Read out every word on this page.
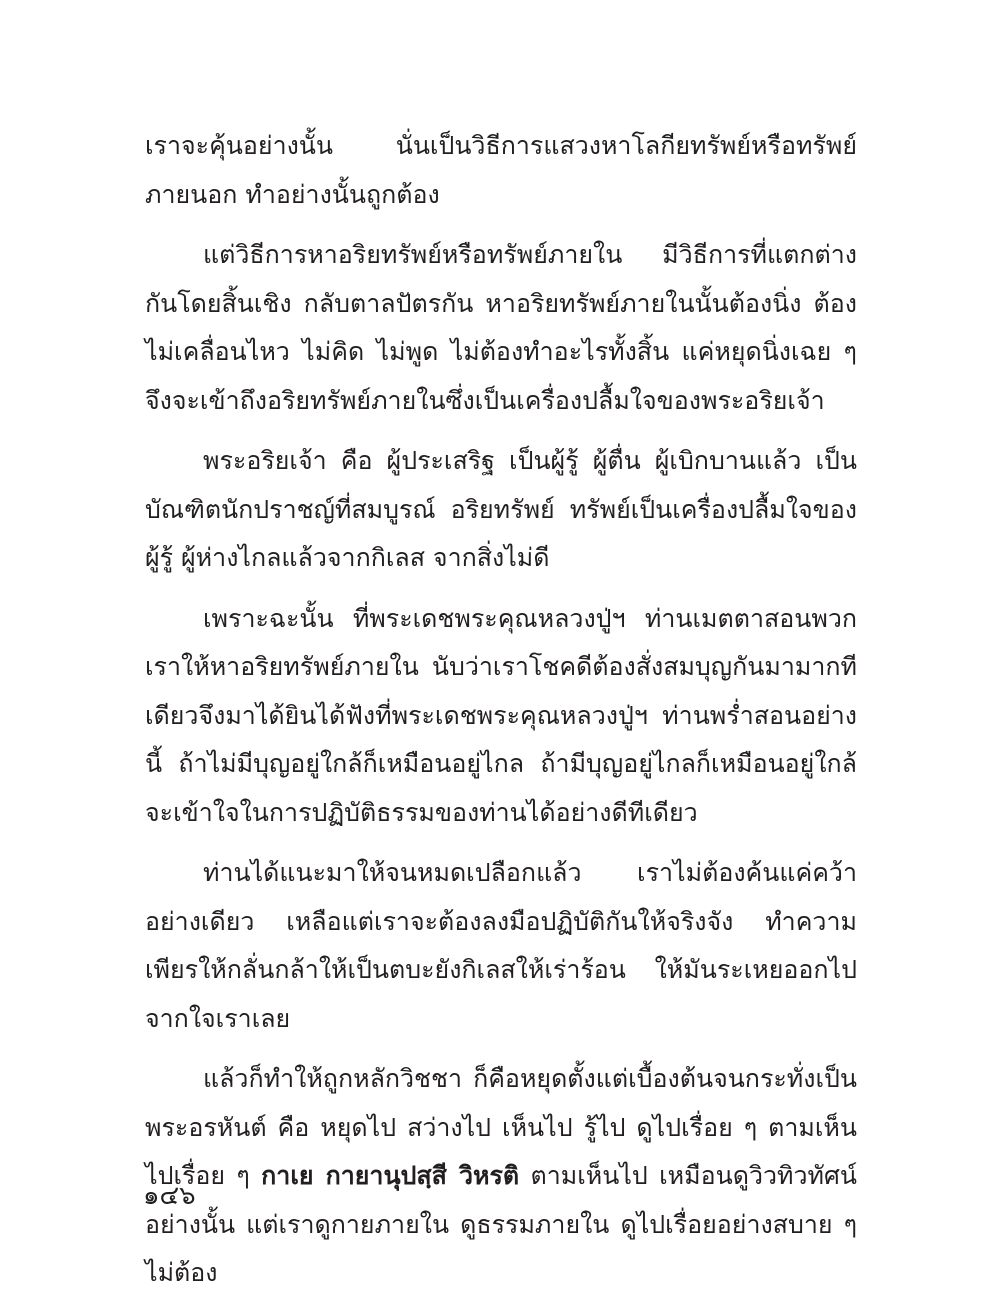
เราจะคุ้นอย่างนั้น นั่นเป็นวิธีการแสวงหาโลกียทรัพย์หรือทรัพย์ภายนอก ทำอย่างนั้นถูกต้อง

แต่วิธีการหาอริยทรัพย์หรือทรัพย์ภายใน มีวิธีการที่แตกต่างกันโดยสิ้นเชิง กลับตาลปัตรกัน หาอริยทรัพย์ภายในนั้นต้องนิ่ง ต้องไม่เคลื่อนไหว ไม่คิด ไม่พูด ไม่ต้องทำอะไรทั้งสิ้น แค่หยุดนิ่งเฉย ๆ จึงจะเข้าถึงอริยทรัพย์ภายในซึ่งเป็นเครื่องปลื้มใจของพระอริยเจ้า

พระอริยเจ้า คือ ผู้ประเสริฐ เป็นผู้รู้ ผู้ตื่น ผู้เบิกบานแล้ว เป็นบัณฑิตนักปราชญ์ที่สมบูรณ์ อริยทรัพย์ ทรัพย์เป็นเครื่องปลื้มใจของผู้รู้ ผู้ห่างไกลแล้วจากกิเลส จากสิ่งไม่ดี

เพราะฉะนั้น ที่พระเดชพระคุณหลวงปู่ฯ ท่านเมตตาสอนพวกเราให้หาอริยทรัพย์ภายใน นับว่าเราโชคดีต้องสั่งสมบุญกันมามากทีเดียวจึงมาได้ยินได้ฟังที่พระเดชพระคุณหลวงปู่ฯ ท่านพร่ำสอนอย่างนี้ ถ้าไม่มีบุญอยู่ใกล้ก็เหมือนอยู่ไกล ถ้ามีบุญอยู่ไกลก็เหมือนอยู่ใกล้ จะเข้าใจในการปฏิบัติธรรมของท่านได้อย่างดีทีเดียว

ท่านได้แนะมาให้จนหมดเปลือกแล้ว เราไม่ต้องค้นแค่คว้าอย่างเดียว เหลือแต่เราจะต้องลงมือปฏิบัติกันให้จริงจัง ทำความเพียรให้กลั่นกล้าให้เป็นตบะยังกิเลสให้เร่าร้อน ให้มันระเหยออกไปจากใจเราเลย

แล้วก็ทำให้ถูกหลักวิชชา ก็คือหยุดตั้งแต่เบื้องต้นจนกระทั่งเป็นพระอรหันต์ คือ หยุดไป สว่างไป เห็นไป รู้ไป ดูไปเรื่อย ๆ ตามเห็นไปเรื่อย ๆ กาเย กายานุปสฺสี วิหรติ ตามเห็นไป เหมือนดูวิวทิวทัศน์อย่างนั้น แต่เราดูกายภายใน ดูธรรมภายใน ดูไปเรื่อยอย่างสบาย ๆ ไม่ต้อง

๑๔๖
